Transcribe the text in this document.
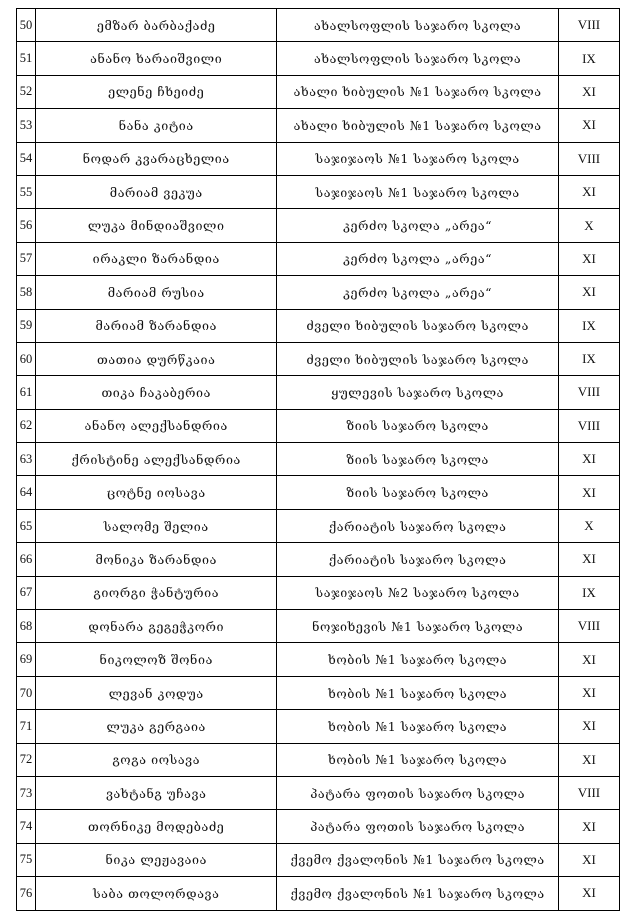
50	ემზარ ბარბაქაძე	ახალსოფლის საჯარო სკოლა	VIII
51	ანანო ხარაიშვილი	ახალსოფლის საჯარო სკოლა	IX
52	ელენე ჩხეიძე	ახალი ხიბულის №1 საჯარო სკოლა	XI
53	ნანა კიტია	ახალი ხიბულის №1 საჯარო სკოლა	XI
54	ნოდარ კვარაცხელია	საჯიჯაოს №1 საჯარო სკოლა	VIII
55	მარიამ ვეკუა	საჯიჯაოს №1 საჯარო სკოლა	XI
56	ლუკა მინდიაშვილი	კერძო სკოლა „არეა“	X
57	ირაკლი ზარანდია	კერძო სკოლა „არეა“	XI
58	მარიამ რუსია	კერძო სკოლა „არეა“	XI
59	მარიამ ზარანდია	ძველი ხიბულის საჯარო სკოლა	IX
60	თათია დურწკაია	ძველი ხიბულის საჯარო სკოლა	IX
61	თიკა ჩაკაბერია	ყულევის საჯარო სკოლა	VIII
62	ანანო ალექსანდრია	ზიის საჯარო სკოლა	VIII
63	ქრისტინე ალექსანდრია	ზიის საჯარო სკოლა	XI
64	ცოტნე იოსავა	ზიის საჯარო სკოლა	XI
65	სალომე შელია	ქარიატის საჯარო სკოლა	X
66	მონიკა ზარანდია	ქარიატის საჯარო სკოლა	XI
67	გიორგი ჭანტურია	საჯიჯაოს №2 საჯარო სკოლა	IX
68	დონარა გეგეჭკორი	ნოჯიხევის №1 საჯარო სკოლა	VIII
69	ნიკოლოზ შონია	ხობის №1 საჯარო სკოლა	XI
70	ლევან კოდუა	ხობის №1 საჯარო სკოლა	XI
71	ლუკა გერგაია	ხობის №1 საჯარო სკოლა	XI
72	გოგა იოსავა	ხობის №1 საჯარო სკოლა	XI
73	ვახტანგ უჩავა	პატარა ფოთის საჯარო სკოლა	VIII
74	თორნიკე მოდებაძე	პატარა ფოთის საჯარო სკოლა	XI
75	ნიკა ლეჟავაია	ქვემო ქვალონის №1 საჯარო სკოლა	XI
76	საბა თოლორდავა	ქვემო ქვალონის №1 საჯარო სკოლა	XI
